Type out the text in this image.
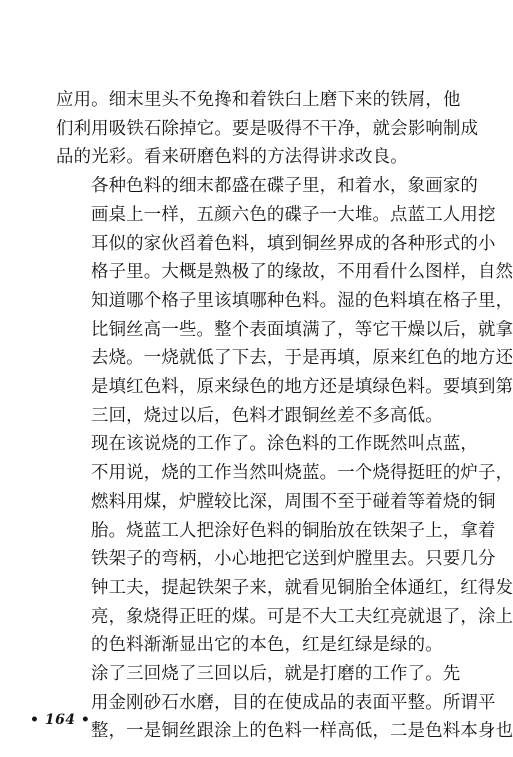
应用。细末里头不免搀和着铁臼上磨下来的铁屑，他
们利用吸铁石除掉它。要是吸得不干净，就会影响制成
品的光彩。看来研磨色料的方法得讲求改良。

各种色料的细末都盛在碟子里，和着水，象画家的
画桌上一样，五颜六色的碟子一大堆。点蓝工人用挖
耳似的家伙舀着色料，填到铜丝界成的各种形式的小
格子里。大概是熟极了的缘故，不用看什么图样，自然
知道哪个格子里该填哪种色料。湿的色料填在格子里，
比铜丝高一些。整个表面填满了，等它干燥以后，就拿
去烧。一烧就低了下去，于是再填，原来红色的地方还
是填红色料，原来绿色的地方还是填绿色料。要填到第
三回，烧过以后，色料才跟铜丝差不多高低。

现在该说烧的工作了。涂色料的工作既然叫点蓝，
不用说，烧的工作当然叫烧蓝。一个烧得挺旺的炉子，
燃料用煤，炉膛较比深，周围不至于碰着等着烧的铜
胎。烧蓝工人把涂好色料的铜胎放在铁架子上，拿着
铁架子的弯柄，小心地把它送到炉膛里去。只要几分
钟工夫，提起铁架子来，就看见铜胎全体通红，红得发
亮，象烧得正旺的煤。可是不大工夫红亮就退了，涂上
的色料渐渐显出它的本色，红是红绿是绿的。

涂了三回烧了三回以后，就是打磨的工作了。先
用金刚砂石水磨，目的在使成品的表面平整。所谓平
整，一是铜丝跟涂上的色料一样高低，二是色料本身也

• 164 •
